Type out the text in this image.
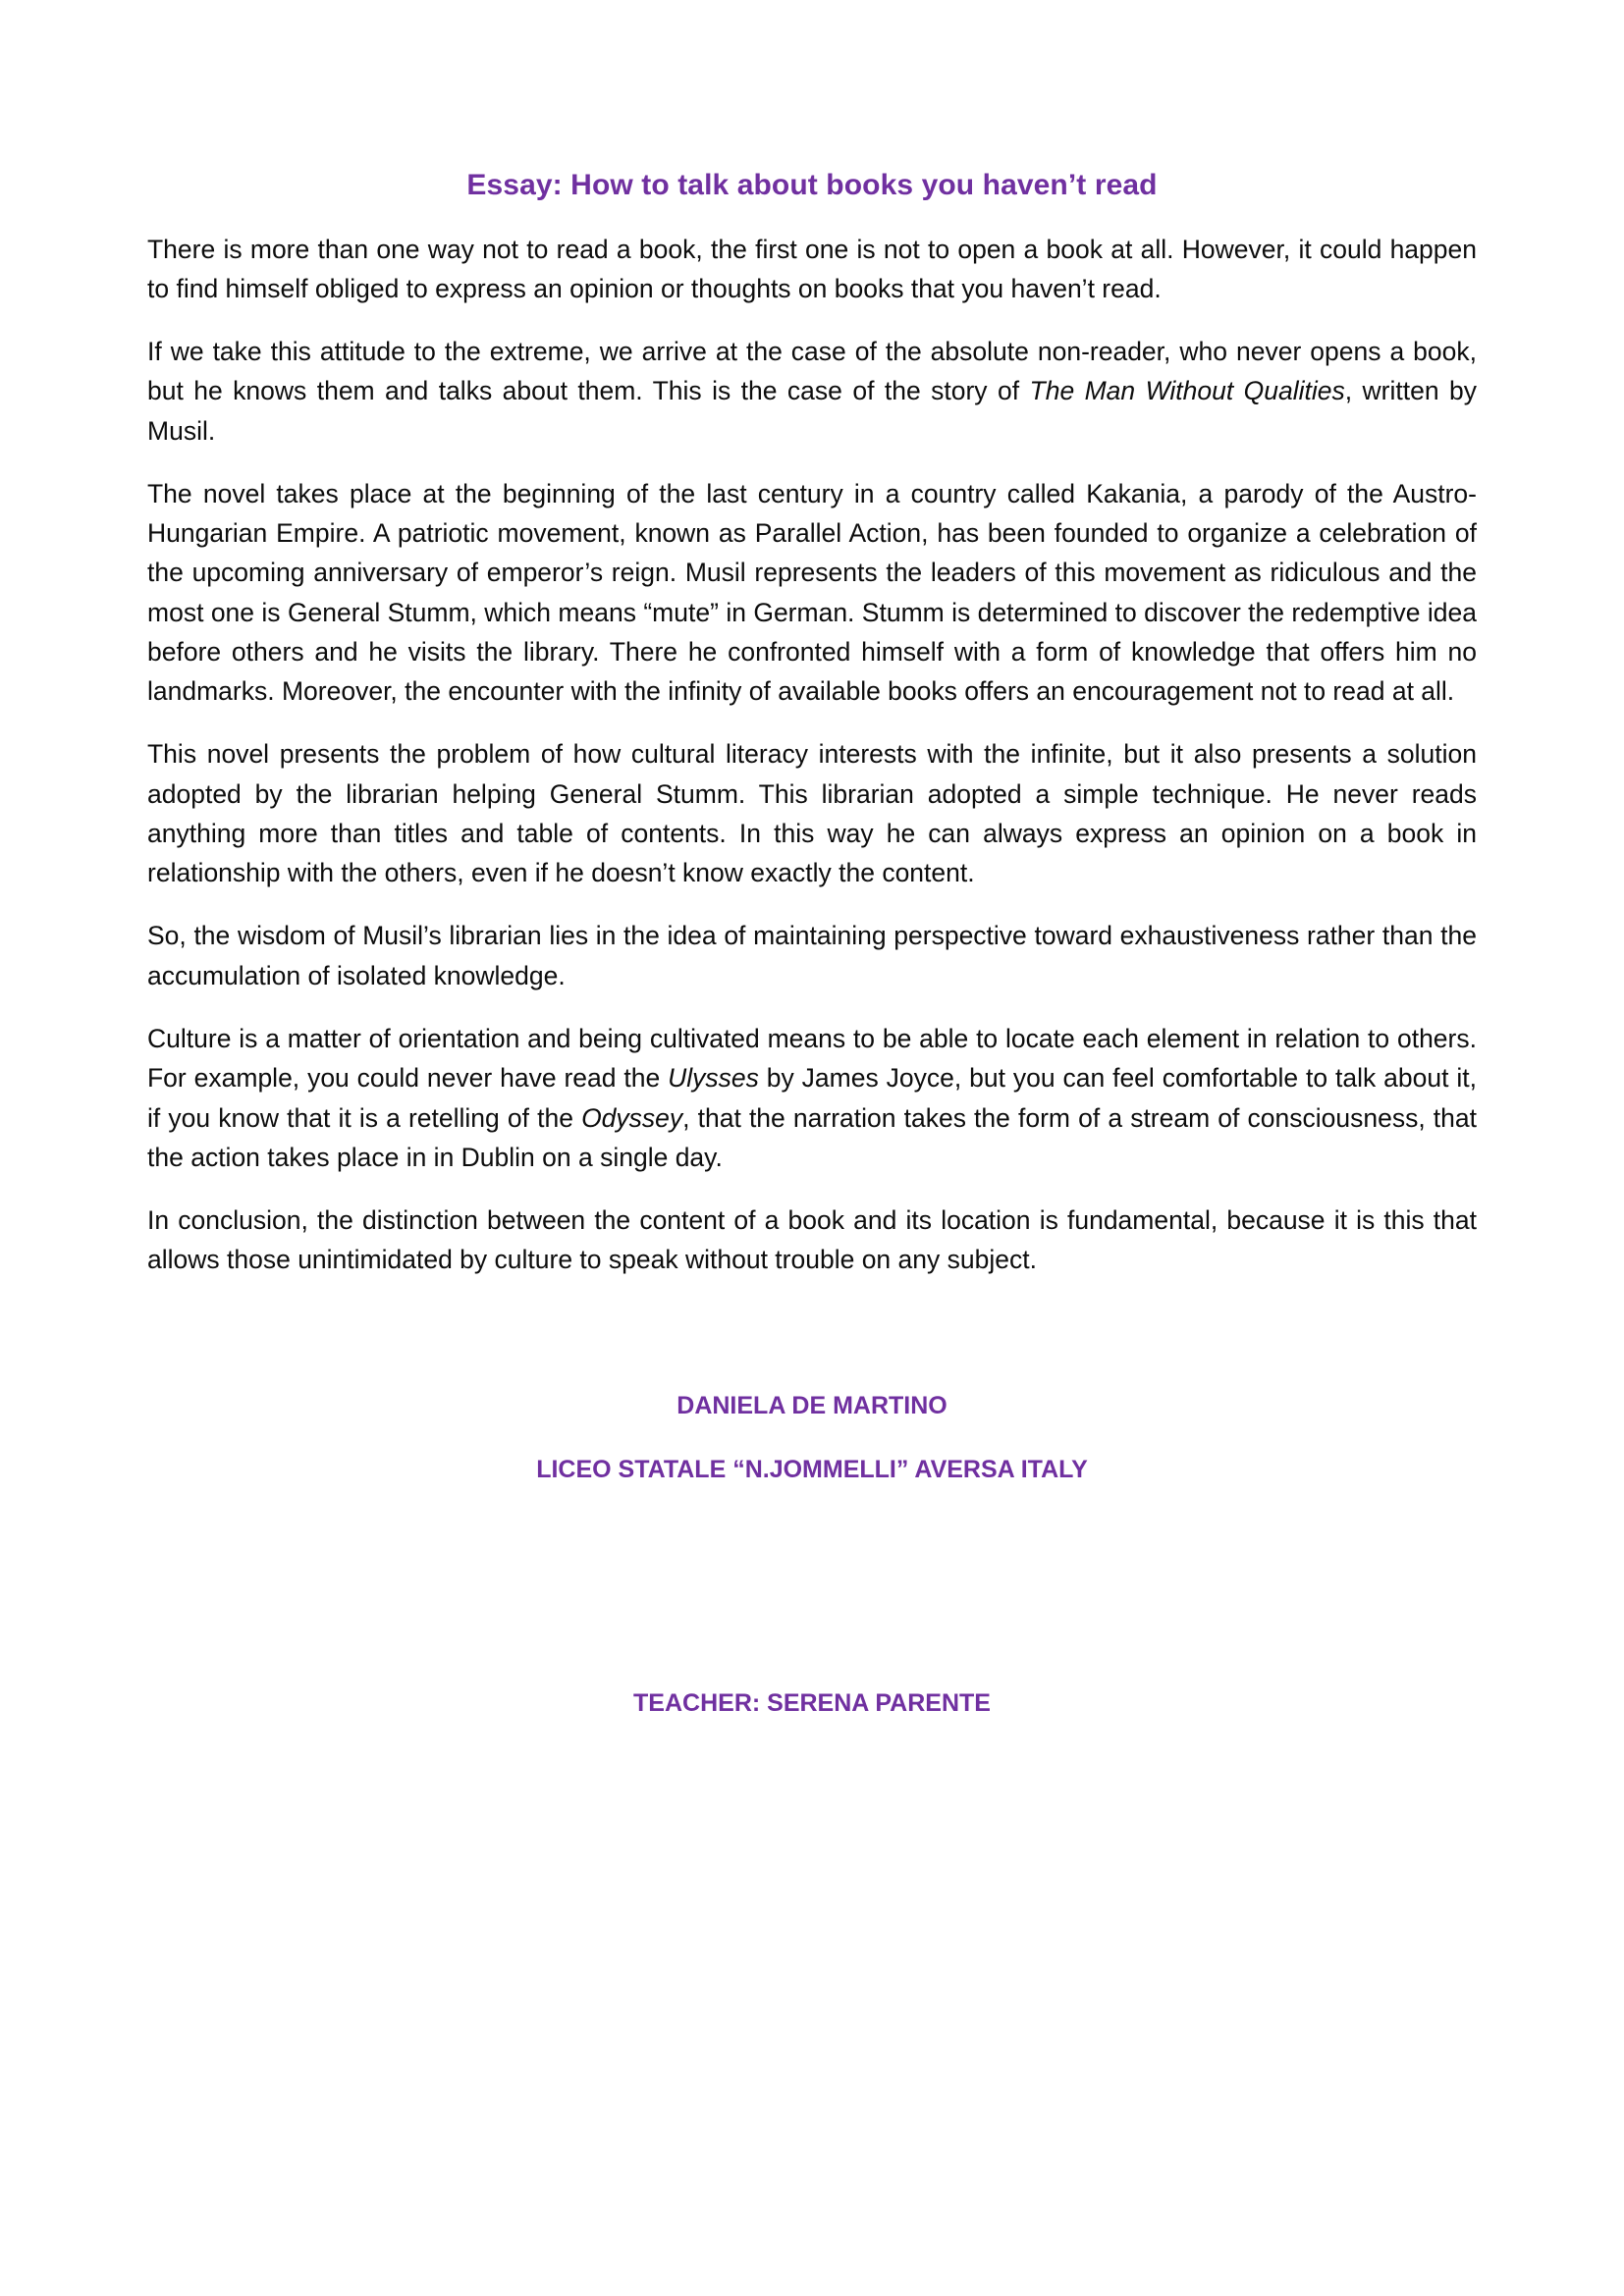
Essay: How to talk about books you haven’t read

There is more than one way not to read a book, the first one is not to open a book at all. However, it could happen to find himself obliged to express an opinion or thoughts on books that you haven’t read.

If we take this attitude to the extreme, we arrive at the case of the absolute non-reader, who never opens a book, but he knows them and talks about them. This is the case of the story of The Man Without Qualities, written by Musil.

The novel takes place at the beginning of the last century in a country called Kakania, a parody of the Austro-Hungarian Empire. A patriotic movement, known as Parallel Action, has been founded to organize a celebration of the upcoming anniversary of emperor’s reign. Musil represents the leaders of this movement as ridiculous and the most one is General Stumm, which means “mute” in German. Stumm is determined to discover the redemptive idea before others and he visits the library. There he confronted himself with a form of knowledge that offers him no landmarks. Moreover, the encounter with the infinity of available books offers an encouragement not to read at all.

This novel presents the problem of how cultural literacy interests with the infinite, but it also presents a solution adopted by the librarian helping General Stumm. This librarian adopted a simple technique. He never reads anything more than titles and table of contents. In this way he can always express an opinion on a book in relationship with the others, even if he doesn’t know exactly the content.

So, the wisdom of Musil’s librarian lies in the idea of maintaining perspective toward exhaustiveness rather than the accumulation of isolated knowledge.

Culture is a matter of orientation and being cultivated means to be able to locate each element in relation to others. For example, you could never have read the Ulysses by James Joyce, but you can feel comfortable to talk about it, if you know that it is a retelling of the Odyssey, that the narration takes the form of a stream of consciousness, that the action takes place in in Dublin on a single day.

In conclusion, the distinction between the content of a book and its location is fundamental, because it is this that allows those unintimidated by culture to speak without trouble on any subject.

DANIELA DE MARTINO

LICEO STATALE “N.JOMMELLI” AVERSA ITALY

TEACHER: SERENA PARENTE
